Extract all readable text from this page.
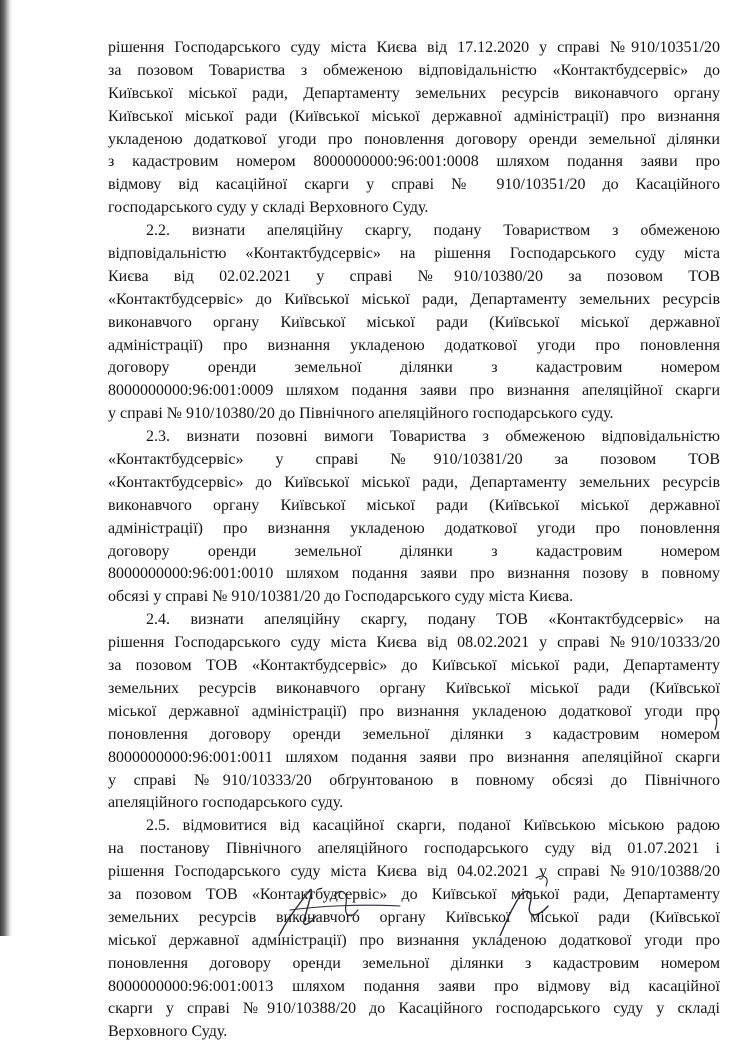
рішення Господарського суду міста Києва від 17.12.2020 у справі №910/10351/20
за позовом Товариства з обмеженою відповідальністю «Контактбудсервіс» до
Київської міської ради, Департаменту земельних ресурсів виконавчого органу
Київської міської ради (Київської міської державної адміністрації) про визнання
укладеною додаткової угоди про поновлення договору оренди земельної ділянки
з кадастровим номером 8000000000:96:001:0008 шляхом подання заяви про
відмову від касаційної скарги у справі № 910/10351/20 до Касаційного
господарського суду у складі Верховного Суду.

2.2. визнати апеляційну скаргу, подану Товариством з обмеженою
відповідальністю «Контактбудсервіс» на рішення Господарського суду міста
Києва від 02.02.2021 у справі №910/10380/20 за позовом ТОВ
«Контактбудсервіс» до Київської міської ради, Департаменту земельних ресурсів
виконавчого органу Київської міської ради (Київської міської державної
адміністрації) про визнання укладеною додаткової угоди про поновлення
договору оренди земельної ділянки з кадастровим номером
8000000000:96:001:0009 шляхом подання заяви про визнання апеляційної скарги
у справі № 910/10380/20 до Північного апеляційного господарського суду.

2.3. визнати позовні вимоги Товариства з обмеженою відповідальністю
«Контактбудсервіс» у справі №910/10381/20 за позовом ТОВ
«Контактбудсервіс» до Київської міської ради, Департаменту земельних ресурсів
виконавчого органу Київської міської ради (Київської міської державної
адміністрації) про визнання укладеною додаткової угоди про поновлення
договору оренди земельної ділянки з кадастровим номером
8000000000:96:001:0010 шляхом подання заяви про визнання позову в повному
обсязі у справі № 910/10381/20 до Господарського суду міста Києва.

2.4. визнати апеляційну скаргу, подану ТОВ «Контактбудсервіс» на
рішення Господарського суду міста Києва від 08.02.2021 у справі №910/10333/20
за позовом ТОВ «Контактбудсервіс» до Київської міської ради, Департаменту
земельних ресурсів виконавчого органу Київської міської ради (Київської
міської державної адміністрації) про визнання укладеною додаткової угоди про
поновлення договору оренди земельної ділянки з кадастровим номером
8000000000:96:001:0011 шляхом подання заяви про визнання апеляційної скарги
у справі №910/10333/20 обґрунтованою в повному обсязі до Північного
апеляційного господарського суду.

2.5. відмовитися від касаційної скарги, поданої Київською міською радою
на постанову Північного апеляційного господарського суду від 01.07.2021 і
рішення Господарського суду міста Києва від 04.02.2021 у справі №910/10388/20
за позовом ТОВ «Контактбудсервіс» до Київської міської ради, Департаменту
земельних ресурсів виконавчого органу Київської міської ради (Київської
міської державної адміністрації) про визнання укладеною додаткової угоди про
поновлення договору оренди земельної ділянки з кадастровим номером
8000000000:96:001:0013 шляхом подання заяви про відмову від касаційної
скарги у справі №910/10388/20 до Касаційного господарського суду у складі
Верховного Суду.
